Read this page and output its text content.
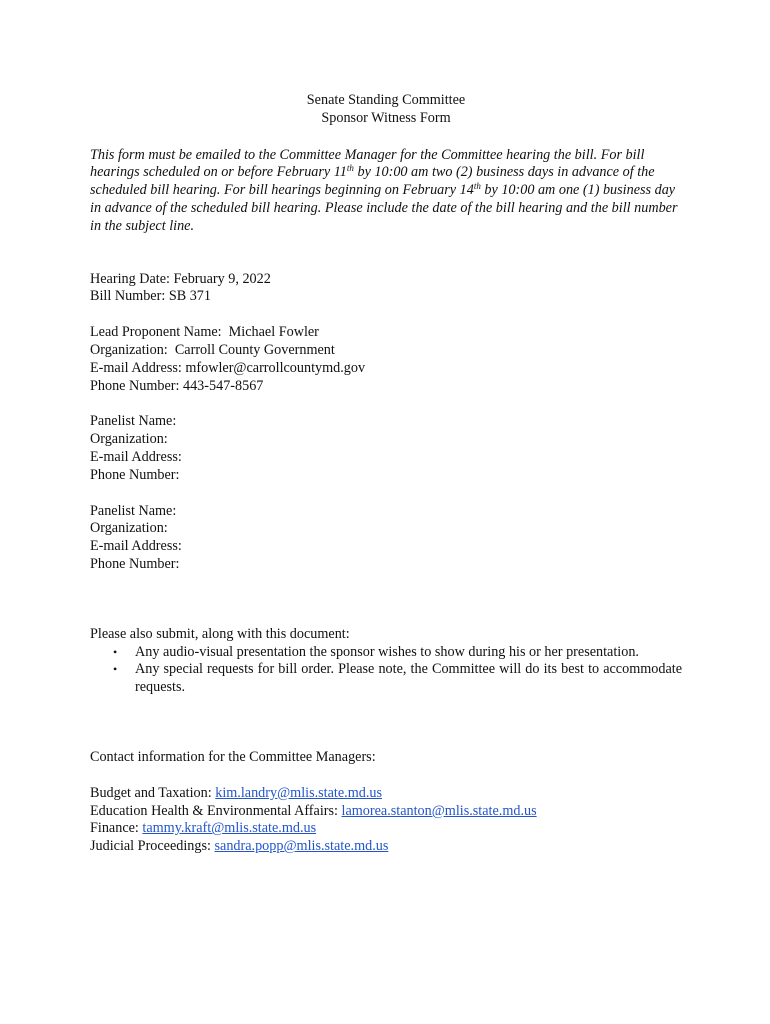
Senate Standing Committee
Sponsor Witness Form
This form must be emailed to the Committee Manager for the Committee hearing the bill. For bill hearings scheduled on or before February 11th by 10:00 am two (2) business days in advance of the scheduled bill hearing. For bill hearings beginning on February 14th by 10:00 am one (1) business day in advance of the scheduled bill hearing. Please include the date of the bill hearing and the bill number in the subject line.
Hearing Date: February 9, 2022
Bill Number: SB 371
Lead Proponent Name:  Michael Fowler
Organization:  Carroll County Government
E-mail Address: mfowler@carrollcountymd.gov
Phone Number: 443-547-8567
Panelist Name:
Organization:
E-mail Address:
Phone Number:
Panelist Name:
Organization:
E-mail Address:
Phone Number:
Please also submit, along with this document:
• Any audio-visual presentation the sponsor wishes to show during his or her presentation.
• Any special requests for bill order. Please note, the Committee will do its best to accommodate requests.
Contact information for the Committee Managers:
Budget and Taxation: kim.landry@mlis.state.md.us
Education Health & Environmental Affairs: lamorea.stanton@mlis.state.md.us
Finance: tammy.kraft@mlis.state.md.us
Judicial Proceedings: sandra.popp@mlis.state.md.us
